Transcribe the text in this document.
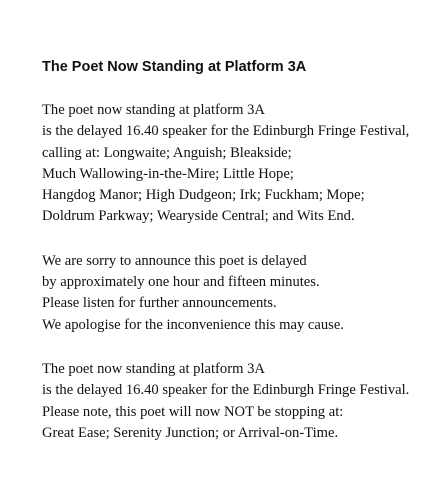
The Poet Now Standing at Platform 3A
The poet now standing at platform 3A
is the delayed 16.40 speaker for the Edinburgh Fringe Festival,
calling at: Longwaite; Anguish; Bleakside;
Much Wallowing-in-the-Mire; Little Hope;
Hangdog Manor; High Dudgeon; Irk; Fuckham; Mope;
Doldrum Parkway; Wearyside Central; and Wits End.
We are sorry to announce this poet is delayed
by approximately one hour and fifteen minutes.
Please listen for further announcements.
We apologise for the inconvenience this may cause.
The poet now standing at platform 3A
is the delayed 16.40 speaker for the Edinburgh Fringe Festival.
Please note, this poet will now NOT be stopping at:
Great Ease; Serenity Junction; or Arrival-on-Time.
